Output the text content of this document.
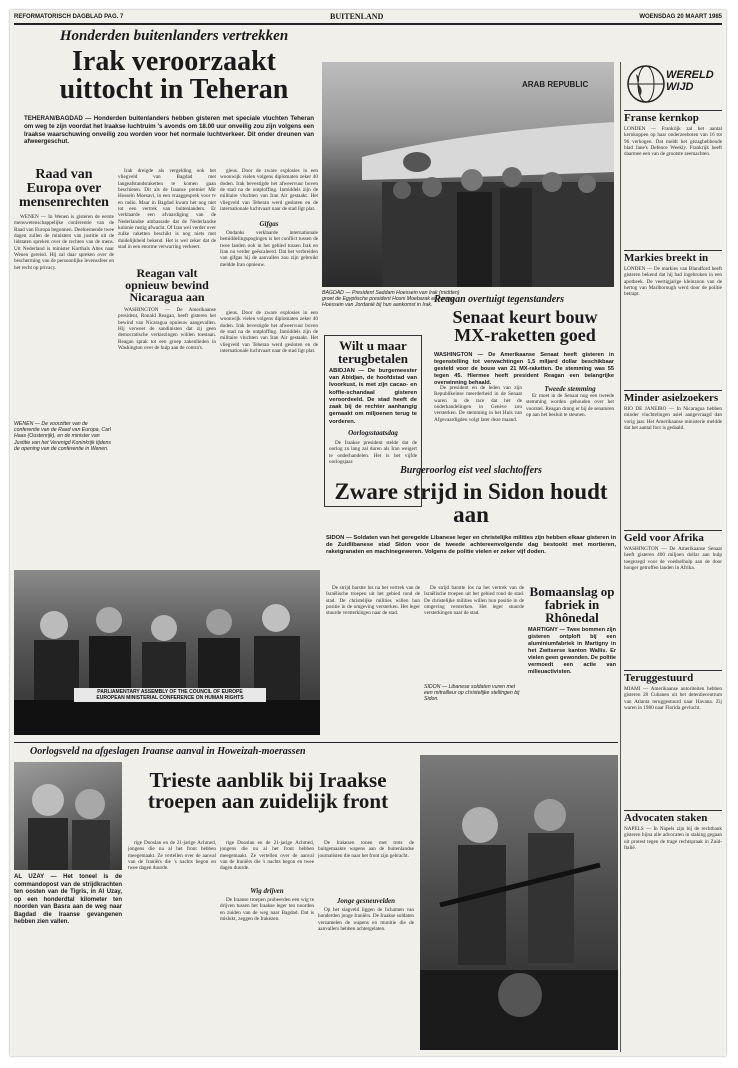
REFORMATORISCH DAGBLAD PAG. 7	BUITENLAND	WOENSDAG 20 MAART 1985
Honderden buitenlanders vertrekken
Irak veroorzaakt uittocht in Teheran
TEHERAN/BAGDAD — Honderden buitenlanders hebben gisteren met speciale vluchten Teheran om weg te zijn voordat het Iraakse luchtruim 's avonds om 18.00 uur onveilig zou zijn volgens een Iraakse waarschuwing onveilig zou worden voor het normale luchtverkeer. Dit onder dreunen van afweergeschut.
Raad van Europa over mensenrechten

WENEN — In Wenen is gisteren de eerste menswetenschappelijke conferentie van de Raad van Europa begonnen. Deelnemende twee dagen zullen de ministers van justitie uit de lidstaten spreken over de rechten van de mens. Uit Nederland is minister Korthals Altes naar Wenen gereisd. Hij zal daar spreken over de bescherming van de persoonlijke levenssfeer en het recht op privacy.

WENEN — De voorzitter van de conferentie van de Raad van Europa, Carl Haas (Oostenrijk), en de minister van Justitie van het Verenigd Koninkrijk tijdens de opening van de conferentie in Wenen.

Irak dreigde als vergelding ook het vliegveld van Bagdad met langeafstandsraketten te komen gaan beschieten. Dit als de Iraanse premier Mir Hossein Moesavi, in een vraaggesprek voor tv en radio. Maar in Bagdad kwam het nog niet tot een vertrek van buitenlanders. Er verklaarde een afvaardiging van de Nederlandse ambassade dat de Nederlandse kolonie rustig afwacht. Of Iran wel verder over zulke raketten beschikt is nog niets met duidelijkheid bekend. Het is wel zeker dat de stad in een enorme verwarring verkeert.

Reagan valt opnieuw bewind Nicaragua aan

WASHINGTON — De Amerikaanse president, Ronald Reagan, heeft gisteren het bewind van Nicaragua opnieuw aangevallen. Hij verweet de sandinisten dat zij geen democratische verkiezingen wilden toestaan. Reagan sprak tot een groep zakenlieden in Washington over de hulp aan de contra's.

gieus. Door de zware explosies in een woonwijk vielen volgens diplomaten zeker 40 doden. Irak bevestigde het afweervuur boven de stad na de ontploffing. Inmiddels zijn de militaire vluchten van Iran Air gestaakt. Het vliegveld van Teheran werd gesloten en de internationale luchtvaart naar de stad ligt plat.

Gifgas

Ondanks verklaarde internationale bemiddelingspogingen is het conflict tussen de twee landen ook in het gebied tussen Irak en Iran nu verder geëscaleerd. Dat het verbreiden van gifgas bij de aanvallen zou zijn gebruikt meldde Iran opnieuw.

gieus. Door de zware explosies in een woonwijk vielen volgens diplomaten zeker 40 doden. Irak bevestigde het afweervuur boven de stad na de ontploffing. Inmiddels zijn de militaire vluchten van Iran Air gestaakt. Het vliegveld van Teheran werd gesloten en de internationale luchtvaart naar de stad ligt plat.

ARAB REPUBLIC
BAGDAD — President Saddam Hoessein van Irak (midden) groet de Egyptische president Hosni Moebarak en koning Hoessein van Jordanië bij hun aankomst in Irak.
Wilt u maar terugbetalen
ABIDJAN — De burgemeester van Abidjan, de hoofdstad van Ivoorkust, is met zijn cacao- en koffie-schandaal gisteren veroordeeld. De stad heeft de zaak bij de rechter aanhangig gemaakt om miljoenen terug te vorderen.
Oorlogsstaatsdag

De Iraakse president stelde dat de oorlog zo lang zal duren als Iran weigert te onderhandelen. Het is het vijfde oorlogsjaar.

Reagan overtuigt tegenstanders
Senaat keurt bouw MX-raketten goed
WASHINGTON — De Amerikaanse Senaat heeft gisteren in tegenstelling tot verwachtingen 1,5 miljard dollar beschikbaar gesteld voor de bouw van 21 MX-raketten. De stemming was 55 tegen 45. Hiermee heeft president Reagan een belangrijke overwinning behaald.

De president en de leden van zijn Republikeinse meerderheid in de Senaat waren in de race dat het de onderhandelingen in Genève zou versterken. De stemming in het Huis van Afgevaardigden volgt later deze maand.

Tweede stemming

Er moet in de Senaat nog een tweede stemming worden gehouden over het voorstel. Reagan drong er bij de senatoren op aan het besluit te steunen.

Burgeroorlog eist veel slachtoffers
Zware strijd in Sidon houdt aan
SIDON — Soldaten van het geregelde Libanese leger en christelijke milities zijn hebben elkaar gisteren in de Zuidlibanese stad Sidon voor de tweede achtereenvolgende dag bestookt met mortieren, raketgranaten en machinegeweren. Volgens de politie vielen er zeker vijf doden.

De strijd barstte los na het vertrek van de Israëlische troepen uit het gebied rond de stad. De christelijke milities willen hun positie in de omgeving versterken. Het leger stuurde versterkingen naar de stad.

De strijd barstte los na het vertrek van de Israëlische troepen uit het gebied rond de stad. De christelijke milities willen hun positie in de omgeving versterken. Het leger stuurde versterkingen naar de stad.

SIDON — Libanese soldaten vuren met een mitrailleur op christelijke stellingen bij Sidon.
Bomaanslag op fabriek in Rhônedal
MARTIGNY — Twee bommen zijn gisteren ontploft bij een aluminiumfabriek in Martigny in het Zwitserse kanton Wallis. Er vielen geen gewonden. De politie vermoedt een actie van milieuactivisten.
PARLIAMENTARY ASSEMBLY OF THE COUNCIL OF EUROPE
EUROPEAN MINISTERIAL CONFERENCE ON HUMAN RIGHTS
WERELD WIJD
Franse kernkop
LONDEN — Frankrijk zal het aantal kernkoppen op haar onderzeeboten van 16 tot 96 verhogen. Dat meldt het gezaghebbende blad Jane's Defence Weekly. Frankrijk heeft daarmee een van de grootste zeemachten.
Markies breekt in
LONDEN — De markies van Blandford heeft gisteren bekend dat hij had ingebroken in een apotheek. De veertigjarige kleinzoon van de hertog van Marlborough werd door de politie betrapt.
Minder asielzoekers
RIO DE JANEIRO — In Nicaragua hebben minder vluchtelingen asiel aangevraagd dan vorig jaar. Het Amerikaanse ministerie meldde dat het aantal fors is gedaald.
Geld voor Afrika
WASHINGTON — De Amerikaanse Senaat heeft gisteren 400 miljoen dollar aan hulp toegezegd voor de voedselhulp aan de door honger getroffen landen in Afrika.
Teruggestuurd
MIAMI — Amerikaanse autoriteiten hebben gisteren 28 Cubanen uit het detentiecentrum van Atlanta teruggestuurd naar Havana. Zij waren in 1980 naar Florida gevlucht.
Advocaten staken
NAPELS — In Napels zijn bij de rechtbank gisteren bijna alle advocaten in staking gegaan uit protest tegen de trage rechtspraak in Zuid-Italië.
Oorlogsveld na afgeslagen Iraanse aanval in Howeizah-moerassen
Trieste aanblik bij Iraakse troepen aan zuidelijk front
AL UZAY — Het toneel is de commandopost van de strijdkrachten ten oosten van de Tigris, in Al Uzay, op een honderdtal kilometer ten noorden van Basra aan de weg naar Bagdad die Iraanse gevangenen hebben zien vallen.

rige Dooslan en de 21-jarige Achmed, jongens die nu al het front hebben meegemaakt. Ze vertellen over de aanval van de Iraniërs die 's nachts begon en twee dagen duurde.

rige Dooslan en de 21-jarige Achmed, jongens die nu al het front hebben meegemaakt. Ze vertellen over de aanval van de Iraniërs die 's nachts begon en twee dagen duurde.

Wig drijven

De Iraanse troepen probeerden een wig te drijven tussen het Iraakse leger ten noorden en zuiden van de weg naar Bagdad. Dat is mislukt, zeggen de Irakezen.

De Irakezen tonen met trots de buitgemaakte wapens aan de buitenlandse journalisten die naar het front zijn gebracht.

Jonge gesneuvelden

Op het slagveld liggen de lichamen van honderden jonge Iraniërs. De Iraakse soldaten verzamelen de wapens en munitie die de aanvallers hebben achtergelaten.
